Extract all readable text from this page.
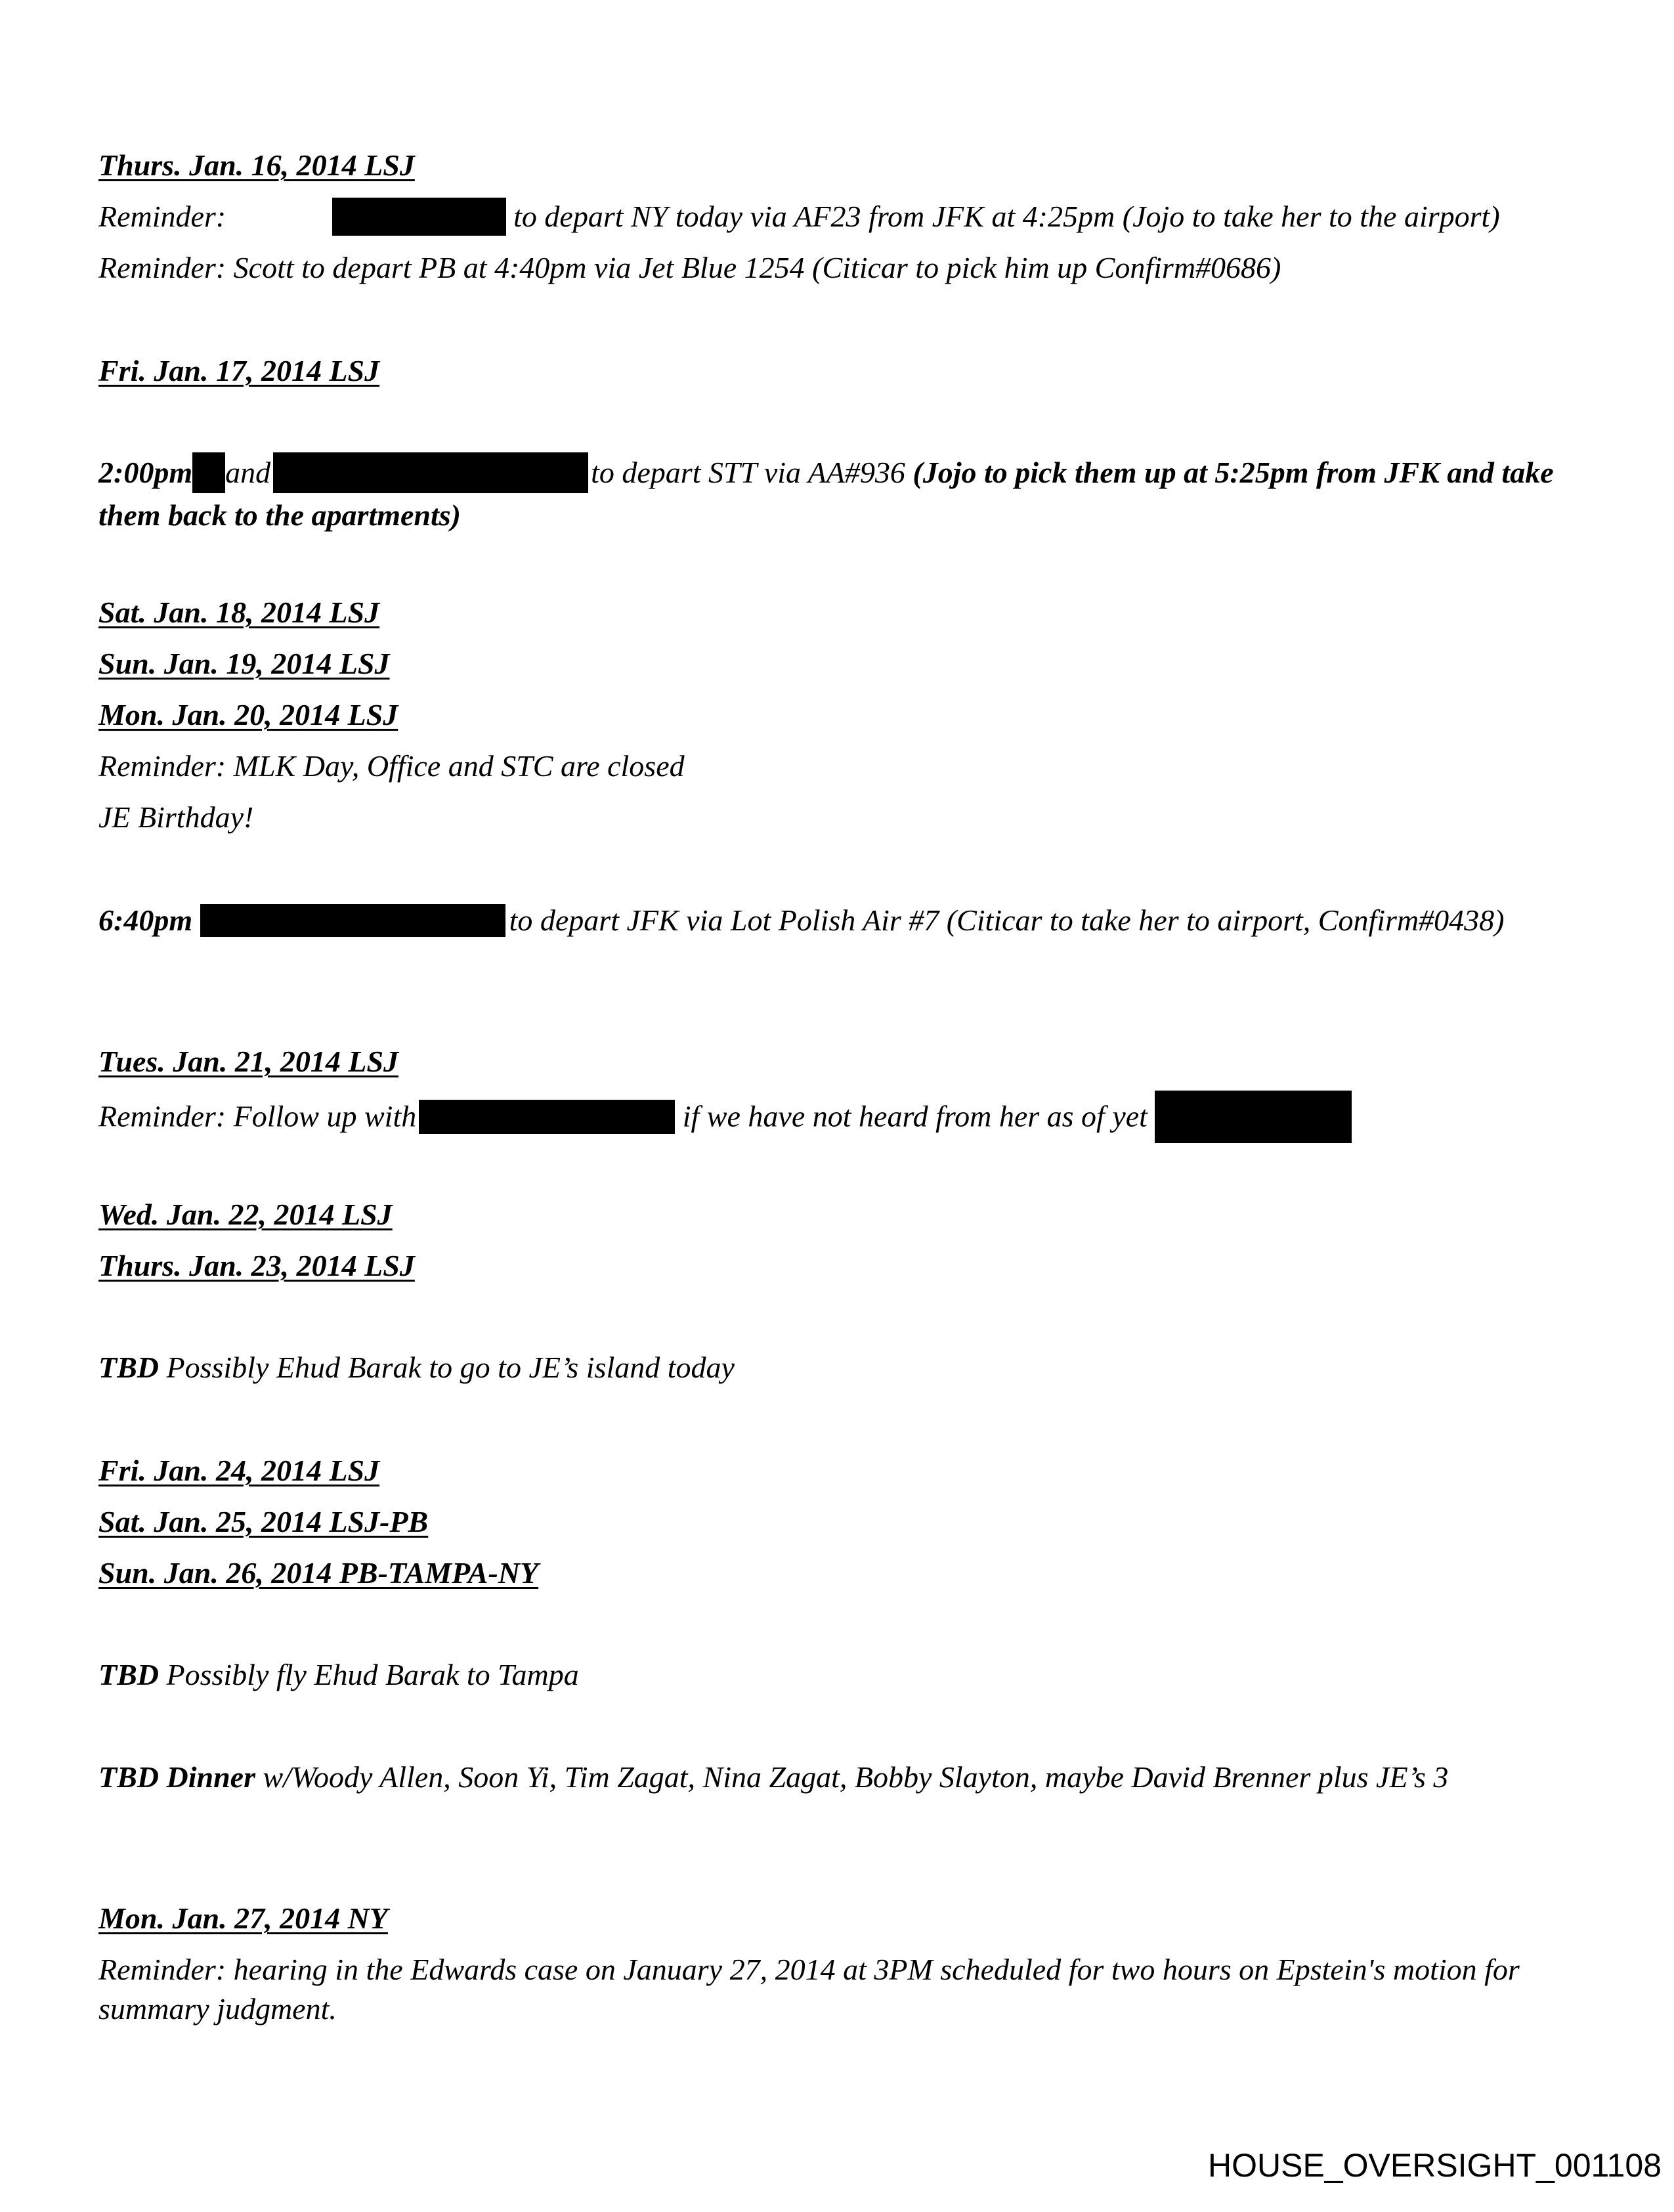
Thurs. Jan. 16, 2014 LSJ
Reminder:	to depart NY today via AF23 from JFK at 4:25pm (Jojo to take her to the airport)
Reminder: Scott to depart PB at 4:40pm via Jet Blue 1254 (Citicar to pick him up Confirm#0686)
Fri. Jan. 17, 2014 LSJ
2:00pm and	to depart STT via AA#936 (Jojo to pick them up at 5:25pm from JFK and take them back to the apartments)
Sat. Jan. 18, 2014 LSJ
Sun. Jan. 19, 2014 LSJ
Mon. Jan. 20, 2014 LSJ
Reminder: MLK Day, Office and STC are closed
JE Birthday!
6:40pm	to depart JFK via Lot Polish Air #7 (Citicar to take her to airport, Confirm#0438)
Tues. Jan. 21, 2014 LSJ
Reminder: Follow up with	if we have not heard from her as of yet
Wed. Jan. 22, 2014 LSJ
Thurs. Jan. 23, 2014 LSJ
TBD Possibly Ehud Barak to go to JE’s island today
Fri. Jan. 24, 2014 LSJ
Sat. Jan. 25, 2014 LSJ-PB
Sun. Jan. 26, 2014 PB-TAMPA-NY
TBD Possibly fly Ehud Barak to Tampa
TBD Dinner w/Woody Allen, Soon Yi, Tim Zagat, Nina Zagat, Bobby Slayton, maybe David Brenner plus JE’s 3
Mon. Jan. 27, 2014 NY
Reminder: hearing in the Edwards case on January 27, 2014 at 3PM scheduled for two hours on Epstein's motion for summary judgment.
HOUSE_OVERSIGHT_001108
